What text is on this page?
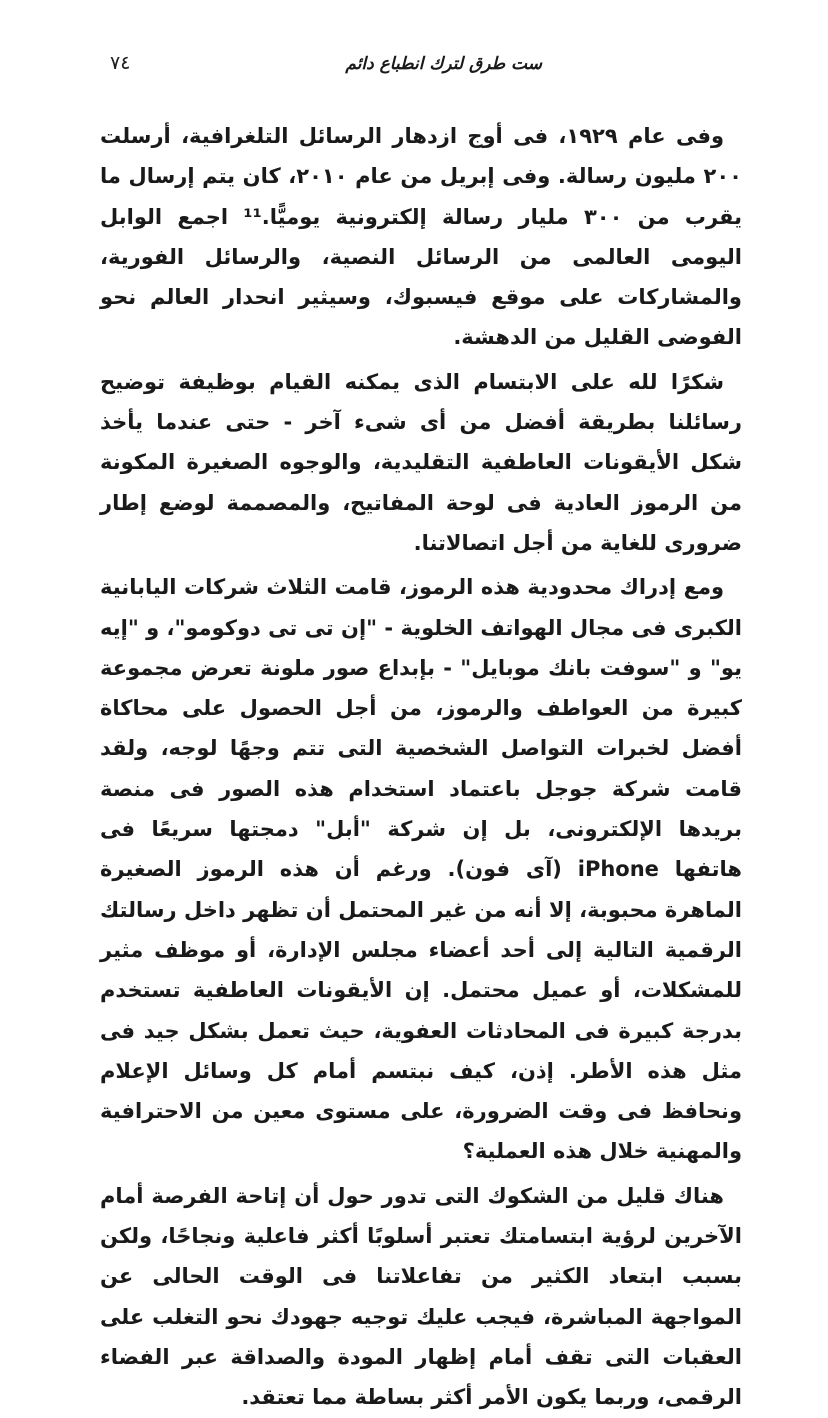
ست طرق لترك انطباع دائم
٧٤

وفى عام ١٩٢٩، فى أوج ازدهار الرسائل التلغرافية، أرسلت ٢٠٠ مليون رسالة. وفى إبريل من عام ٢٠١٠، كان يتم إرسال ما يقرب من ٣٠٠ مليار رسالة إلكترونية يوميًّا.¹¹ اجمع الوابل اليومى العالمى من الرسائل النصية، والرسائل الفورية، والمشاركات على موقع فيسبوك، وسيثير انحدار العالم نحو الفوضى القليل من الدهشة.

شكرًا لله على الابتسام الذى يمكنه القيام بوظيفة توضيح رسائلنا بطريقة أفضل من أى شىء آخر - حتى عندما يأخذ شكل الأيقونات العاطفية التقليدية، والوجوه الصغيرة المكونة من الرموز العادية فى لوحة المفاتيح، والمصممة لوضع إطار ضرورى للغاية من أجل اتصالاتنا.

ومع إدراك محدودية هذه الرموز، قامت الثلاث شركات اليابانية الكبرى فى مجال الهواتف الخلوية - "إن تى تى دوكومو"، و "إيه يو" و "سوفت بانك موبايل" - بإبداع صور ملونة تعرض مجموعة كبيرة من العواطف والرموز، من أجل الحصول على محاكاة أفضل لخبرات التواصل الشخصية التى تتم وجهًا لوجه، ولقد قامت شركة جوجل باعتماد استخدام هذه الصور فى منصة بريدها الإلكترونى، بل إن شركة "أبل" دمجتها سريعًا فى هاتفها iPhone (آى فون). ورغم أن هذه الرموز الصغيرة الماهرة محبوبة، إلا أنه من غير المحتمل أن تظهر داخل رسالتك الرقمية التالية إلى أحد أعضاء مجلس الإدارة، أو موظف مثير للمشكلات، أو عميل محتمل. إن الأيقونات العاطفية تستخدم بدرجة كبيرة فى المحادثات العفوية، حيث تعمل بشكل جيد فى مثل هذه الأطر. إذن، كيف نبتسم أمام كل وسائل الإعلام ونحافظ فى وقت الضرورة، على مستوى معين من الاحترافية والمهنية خلال هذه العملية؟

هناك قليل من الشكوك التى تدور حول أن إتاحة الفرصة أمام الآخرين لرؤية ابتسامتك تعتبر أسلوبًا أكثر فاعلية ونجاحًا، ولكن بسبب ابتعاد الكثير من تفاعلاتنا فى الوقت الحالى عن المواجهة المباشرة، فيجب عليك توجيه جهودك نحو التغلب على العقبات التى تقف أمام إظهار المودة والصداقة عبر الفضاء الرقمى، وربما يكون الأمر أكثر بساطة مما تعتقد.
